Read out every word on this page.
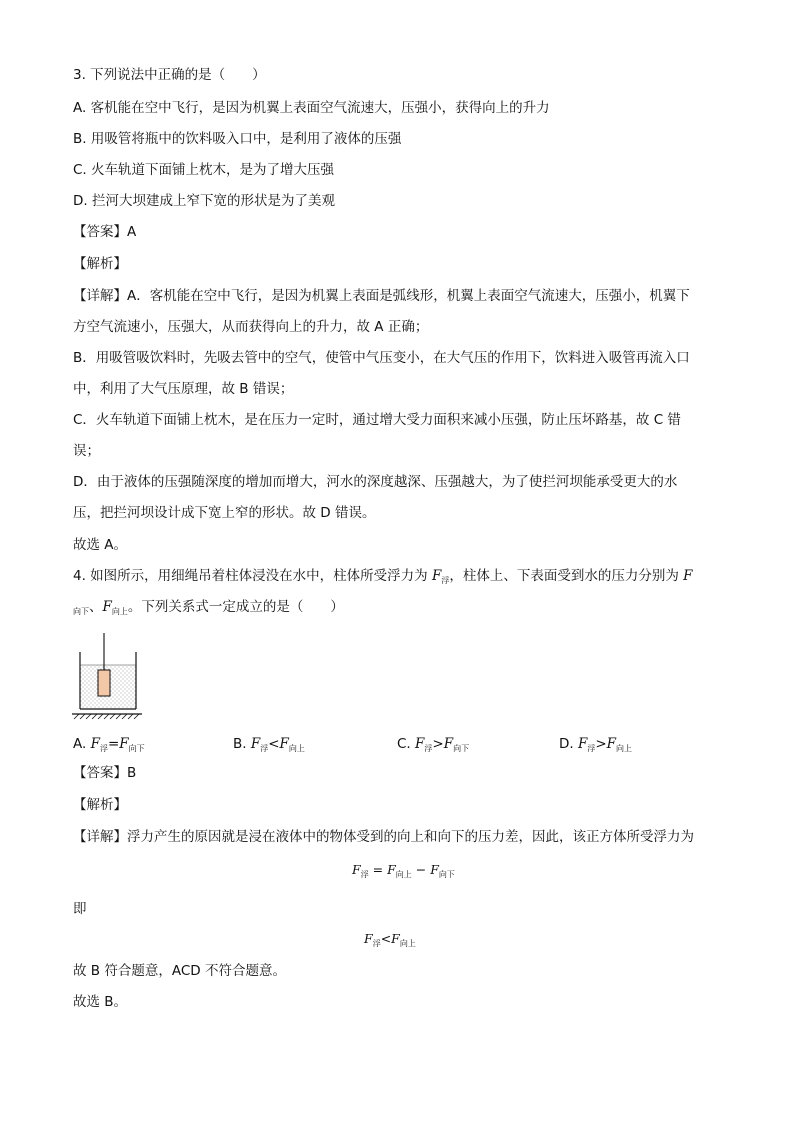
3. 下列说法中正确的是（　　）
A. 客机能在空中飞行，是因为机翼上表面空气流速大，压强小，获得向上的升力
B. 用吸管将瓶中的饮料吸入口中，是利用了液体的压强
C. 火车轨道下面铺上枕木，是为了增大压强
D. 拦河大坝建成上窄下宽的形状是为了美观
【答案】A
【解析】
【详解】A．客机能在空中飞行，是因为机翼上表面是弧线形，机翼上表面空气流速大，压强小，机翼下
方空气流速小，压强大，从而获得向上的升力，故 A 正确；
B．用吸管吸饮料时，先吸去管中的空气，使管中气压变小，在大气压的作用下，饮料进入吸管再流入口
中，利用了大气压原理，故 B 错误；
C．火车轨道下面铺上枕木，是在压力一定时，通过增大受力面积来减小压强，防止压坏路基，故 C 错
误；
D．由于液体的压强随深度的增加而增大，河水的深度越深、压强越大，为了使拦河坝能承受更大的水
压，把拦河坝设计成下宽上窄的形状。故 D 错误。
故选 A。
4. 如图所示，用细绳吊着柱体浸没在水中，柱体所受浮力为 $F_浮$，柱体上、下表面受到水的压力分别为 F
$_{向下}$、$F_{向上}$。下列关系式一定成立的是（　　）
A. $F_浮=F_{向下}$	B. $F_浮<F_{向上}$	C. $F_浮>F_{向下}$	D. $F_浮>F_{向上}$
【答案】B
【解析】
【详解】浮力产生的原因就是浸在液体中的物体受到的向上和向下的压力差，因此，该正方体所受浮力为
$F_浮 = F_{向上} - F_{向下}$
即
$F_浮<F_{向上}$
故 B 符合题意，ACD 不符合题意。
故选 B。
